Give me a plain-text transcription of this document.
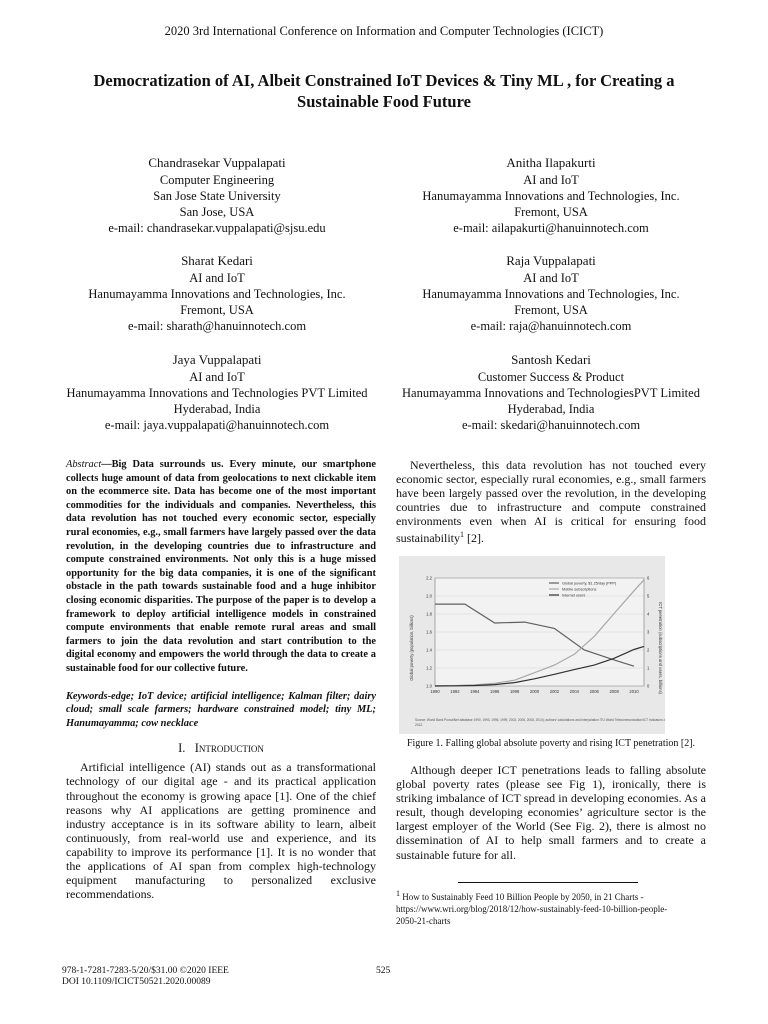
2020 3rd International Conference on Information and Computer Technologies (ICICT)
Democratization of AI, Albeit Constrained IoT Devices & Tiny ML , for Creating a
Sustainable Food Future
Chandrasekar Vuppalapati
Computer Engineering
San Jose State University
San Jose, USA
e-mail: chandrasekar.vuppalapati@sjsu.edu
Anitha Ilapakurti
AI and IoT
Hanumayamma Innovations and Technologies, Inc.
Fremont, USA
e-mail: ailapakurti@hanuinnotech.com
Sharat Kedari
AI and IoT
Hanumayamma Innovations and Technologies, Inc.
Fremont, USA
e-mail: sharath@hanuinnotech.com
Raja Vuppalapati
AI and IoT
Hanumayamma Innovations and Technologies, Inc.
Fremont, USA
e-mail: raja@hanuinnotech.com
Jaya Vuppalapati
AI and IoT
Hanumayamma Innovations and Technologies PVT Limited
Hyderabad, India
e-mail: jaya.vuppalapati@hanuinnotech.com
Santosh Kedari
Customer Success & Product
Hanumayamma Innovations and TechnologiesPVT Limited
Hyderabad, India
e-mail: skedari@hanuinnotech.com
Abstract—Big Data surrounds us. Every minute, our smartphone collects huge amount of data from geolocations to next clickable item on the ecommerce site. Data has become one of the most important commodities for the individuals and companies. Nevertheless, this data revolution has not touched every economic sector, especially rural economies, e.g., small farmers have largely passed over the data revolution, in the developing countries due to infrastructure and compute constrained environments. Not only this is a huge missed opportunity for the big data companies, it is one of the significant obstacle in the path towards sustainable food and a huge inhibitor closing economic disparities. The purpose of the paper is to develop a framework to deploy artificial intelligence models in constrained compute environments that enable remote rural areas and small farmers to join the data revolution and start contribution to the digital economy and empowers the world through the data to create a sustainable food for our collective future.
Keywords-edge; IoT device; artificial intelligence; Kalman filter; dairy cloud; small scale farmers; hardware constrained model; tiny ML; Hanumayamma; cow necklace
I. Introduction

Artificial intelligence (AI) stands out as a transformational technology of our digital age - and its practical application throughout the economy is growing apace [1]. One of the chief reasons why AI applications are getting prominence and industry acceptance is in its software ability to learn, albeit continuously, from real-world use and experience, and its capability to improve its performance [1]. It is no wonder that the applications of AI span from complex high-technology equipment manufacturing to personalized exclusive recommendations.

Nevertheless, this data revolution has not touched every economic sector, especially rural economies, e.g., small farmers have been largely passed over the revolution, in the developing countries due to infrastructure and compute constrained environments even when AI is critical for ensuring food sustainability$^1$ [2].

1.0
1.2
1.4
1.6
1.8
2.0
2.2
0
1
2
3
4
5
6
1990	1992	1994	1996	1998	2000	2002	2004	2006	2008	2010
Global poverty, $1.25/day (PPP)
Mobile subscriptions
Internet users
Global poverty (population, billions)	ICT penetration (subscriptions and users, billions)
Source: World Bank PovcalNet database 1990, 1993, 1996, 1999, 2002, 2005, 2008, 2010); authors' calculations and interpolation ITU World Telecommunication/ICT Indicators database, June
2012.
Figure 1. Falling global absolute poverty and rising ICT penetration [2].

Although deeper ICT penetrations leads to falling absolute global poverty rates (please see Fig 1), ironically, there is striking imbalance of ICT spread in developing economies. As a result, though developing economies’ agriculture sector is the largest employer of the World (See Fig. 2), there is almost no dissemination of AI to help small farmers and to create a sustainable future for all.

$^1$ How to Sustainably Feed 10 Billion People by 2050, in 21 Charts -
https://www.wri.org/blog/2018/12/how-sustainably-feed-10-billion-people-
2050-21-charts
978-1-7281-7283-5/20/$31.00 ©2020 IEEE
DOI 10.1109/ICICT50521.2020.00089
525
